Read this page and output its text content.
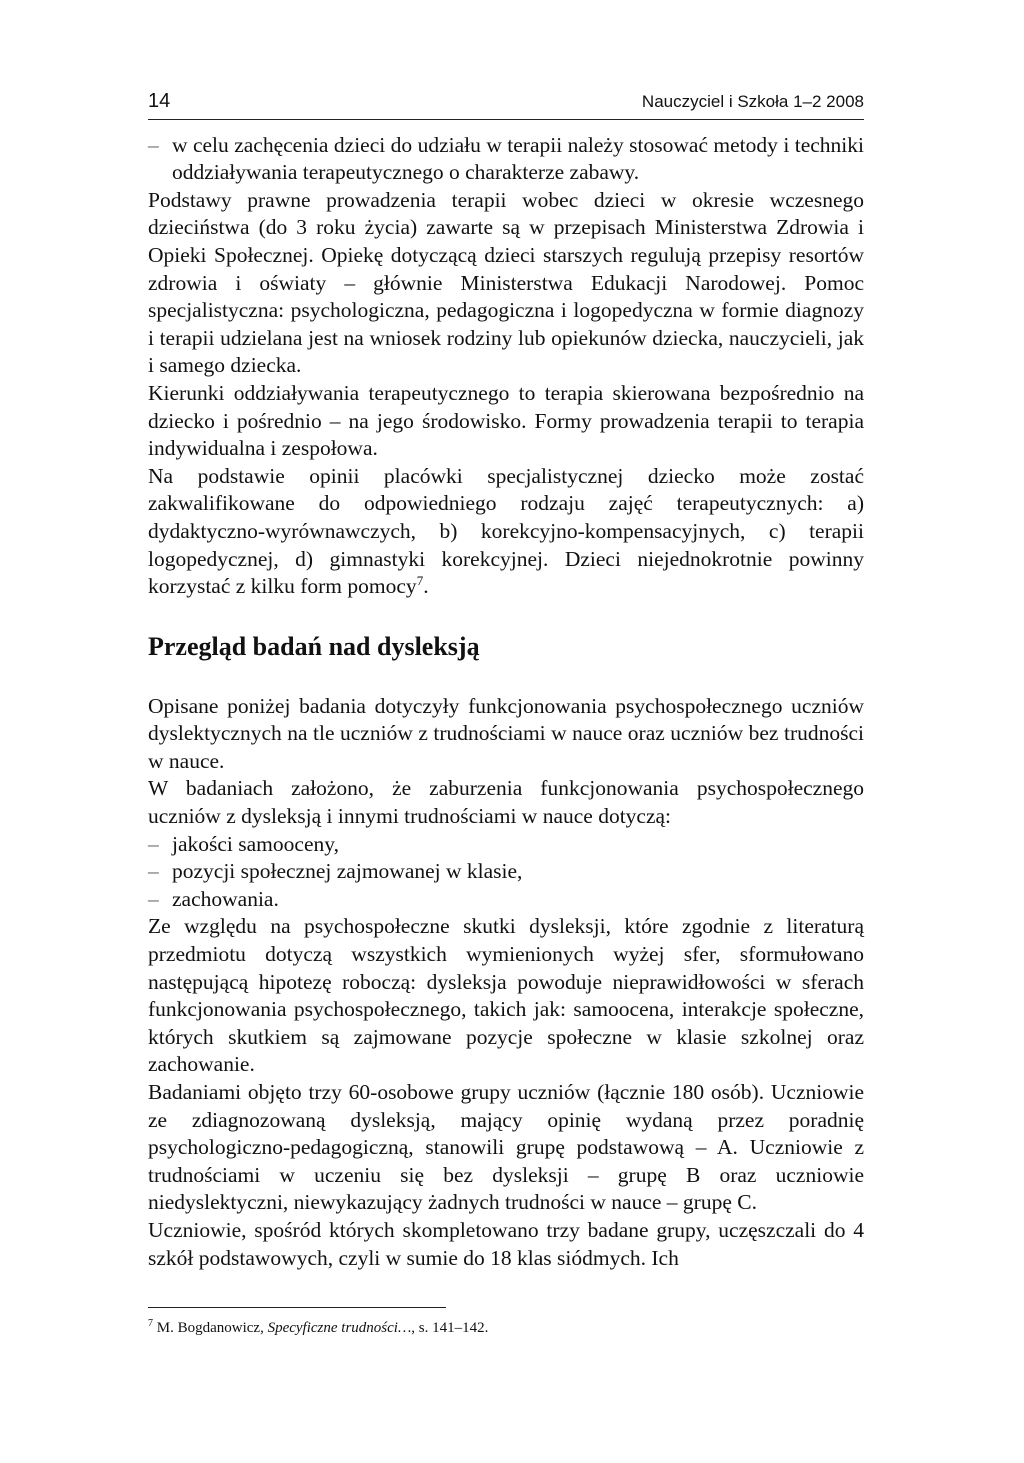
14	Nauczyciel i Szkoła 1–2 2008
– w celu zachęcenia dzieci do udziału w terapii należy stosować metody i techniki oddziaływania terapeutycznego o charakterze zabawy.

Podstawy prawne prowadzenia terapii wobec dzieci w okresie wczesnego dzieciństwa (do 3 roku życia) zawarte są w przepisach Ministerstwa Zdrowia i Opieki Społecznej. Opiekę dotyczącą dzieci starszych regulują przepisy resortów zdrowia i oświaty – głównie Ministerstwa Edukacji Narodowej. Pomoc specjalistyczna: psychologiczna, pedagogiczna i logopedyczna w formie diagnozy i terapii udzielana jest na wniosek rodziny lub opiekunów dziecka, nauczycieli, jak i samego dziecka.

Kierunki oddziaływania terapeutycznego to terapia skierowana bezpośrednio na dziecko i pośrednio – na jego środowisko. Formy prowadzenia terapii to terapia indywidualna i zespołowa.

Na podstawie opinii placówki specjalistycznej dziecko może zostać zakwalifikowane do odpowiedniego rodzaju zajęć terapeutycznych: a) dydaktyczno-wyrównawczych, b) korekcyjno-kompensacyjnych, c) terapii logopedycznej, d) gimnastyki korekcyjnej. Dzieci niejednokrotnie powinny korzystać z kilku form pomocy$^7$.

Przegląd badań nad dysleksją

Opisane poniżej badania dotyczyły funkcjonowania psychospołecznego uczniów dyslektycznych na tle uczniów z trudnościami w nauce oraz uczniów bez trudności w nauce.

W badaniach założono, że zaburzenia funkcjonowania psychospołecznego uczniów z dysleksją i innymi trudnościami w nauce dotyczą:

– jakości samooceny,
– pozycji społecznej zajmowanej w klasie,
– zachowania.

Ze względu na psychospołeczne skutki dysleksji, które zgodnie z literaturą przedmiotu dotyczą wszystkich wymienionych wyżej sfer, sformułowano następującą hipotezę roboczą: dysleksja powoduje nieprawidłowości w sferach funkcjonowania psychospołecznego, takich jak: samoocena, interakcje społeczne, których skutkiem są zajmowane pozycje społeczne w klasie szkolnej oraz zachowanie.

Badaniami objęto trzy 60-osobowe grupy uczniów (łącznie 180 osób). Uczniowie ze zdiagnozowaną dysleksją, mający opinię wydaną przez poradnię psychologiczno-pedagogiczną, stanowili grupę podstawową – A. Uczniowie z trudnościami w uczeniu się bez dysleksji – grupę B oraz uczniowie niedyslektyczni, niewykazujący żadnych trudności w nauce – grupę C.

Uczniowie, spośród których skompletowano trzy badane grupy, uczęszczali do 4 szkół podstawowych, czyli w sumie do 18 klas siódmych. Ich

$^7$ M. Bogdanowicz, Specyficzne trudności…, s. 141–142.
